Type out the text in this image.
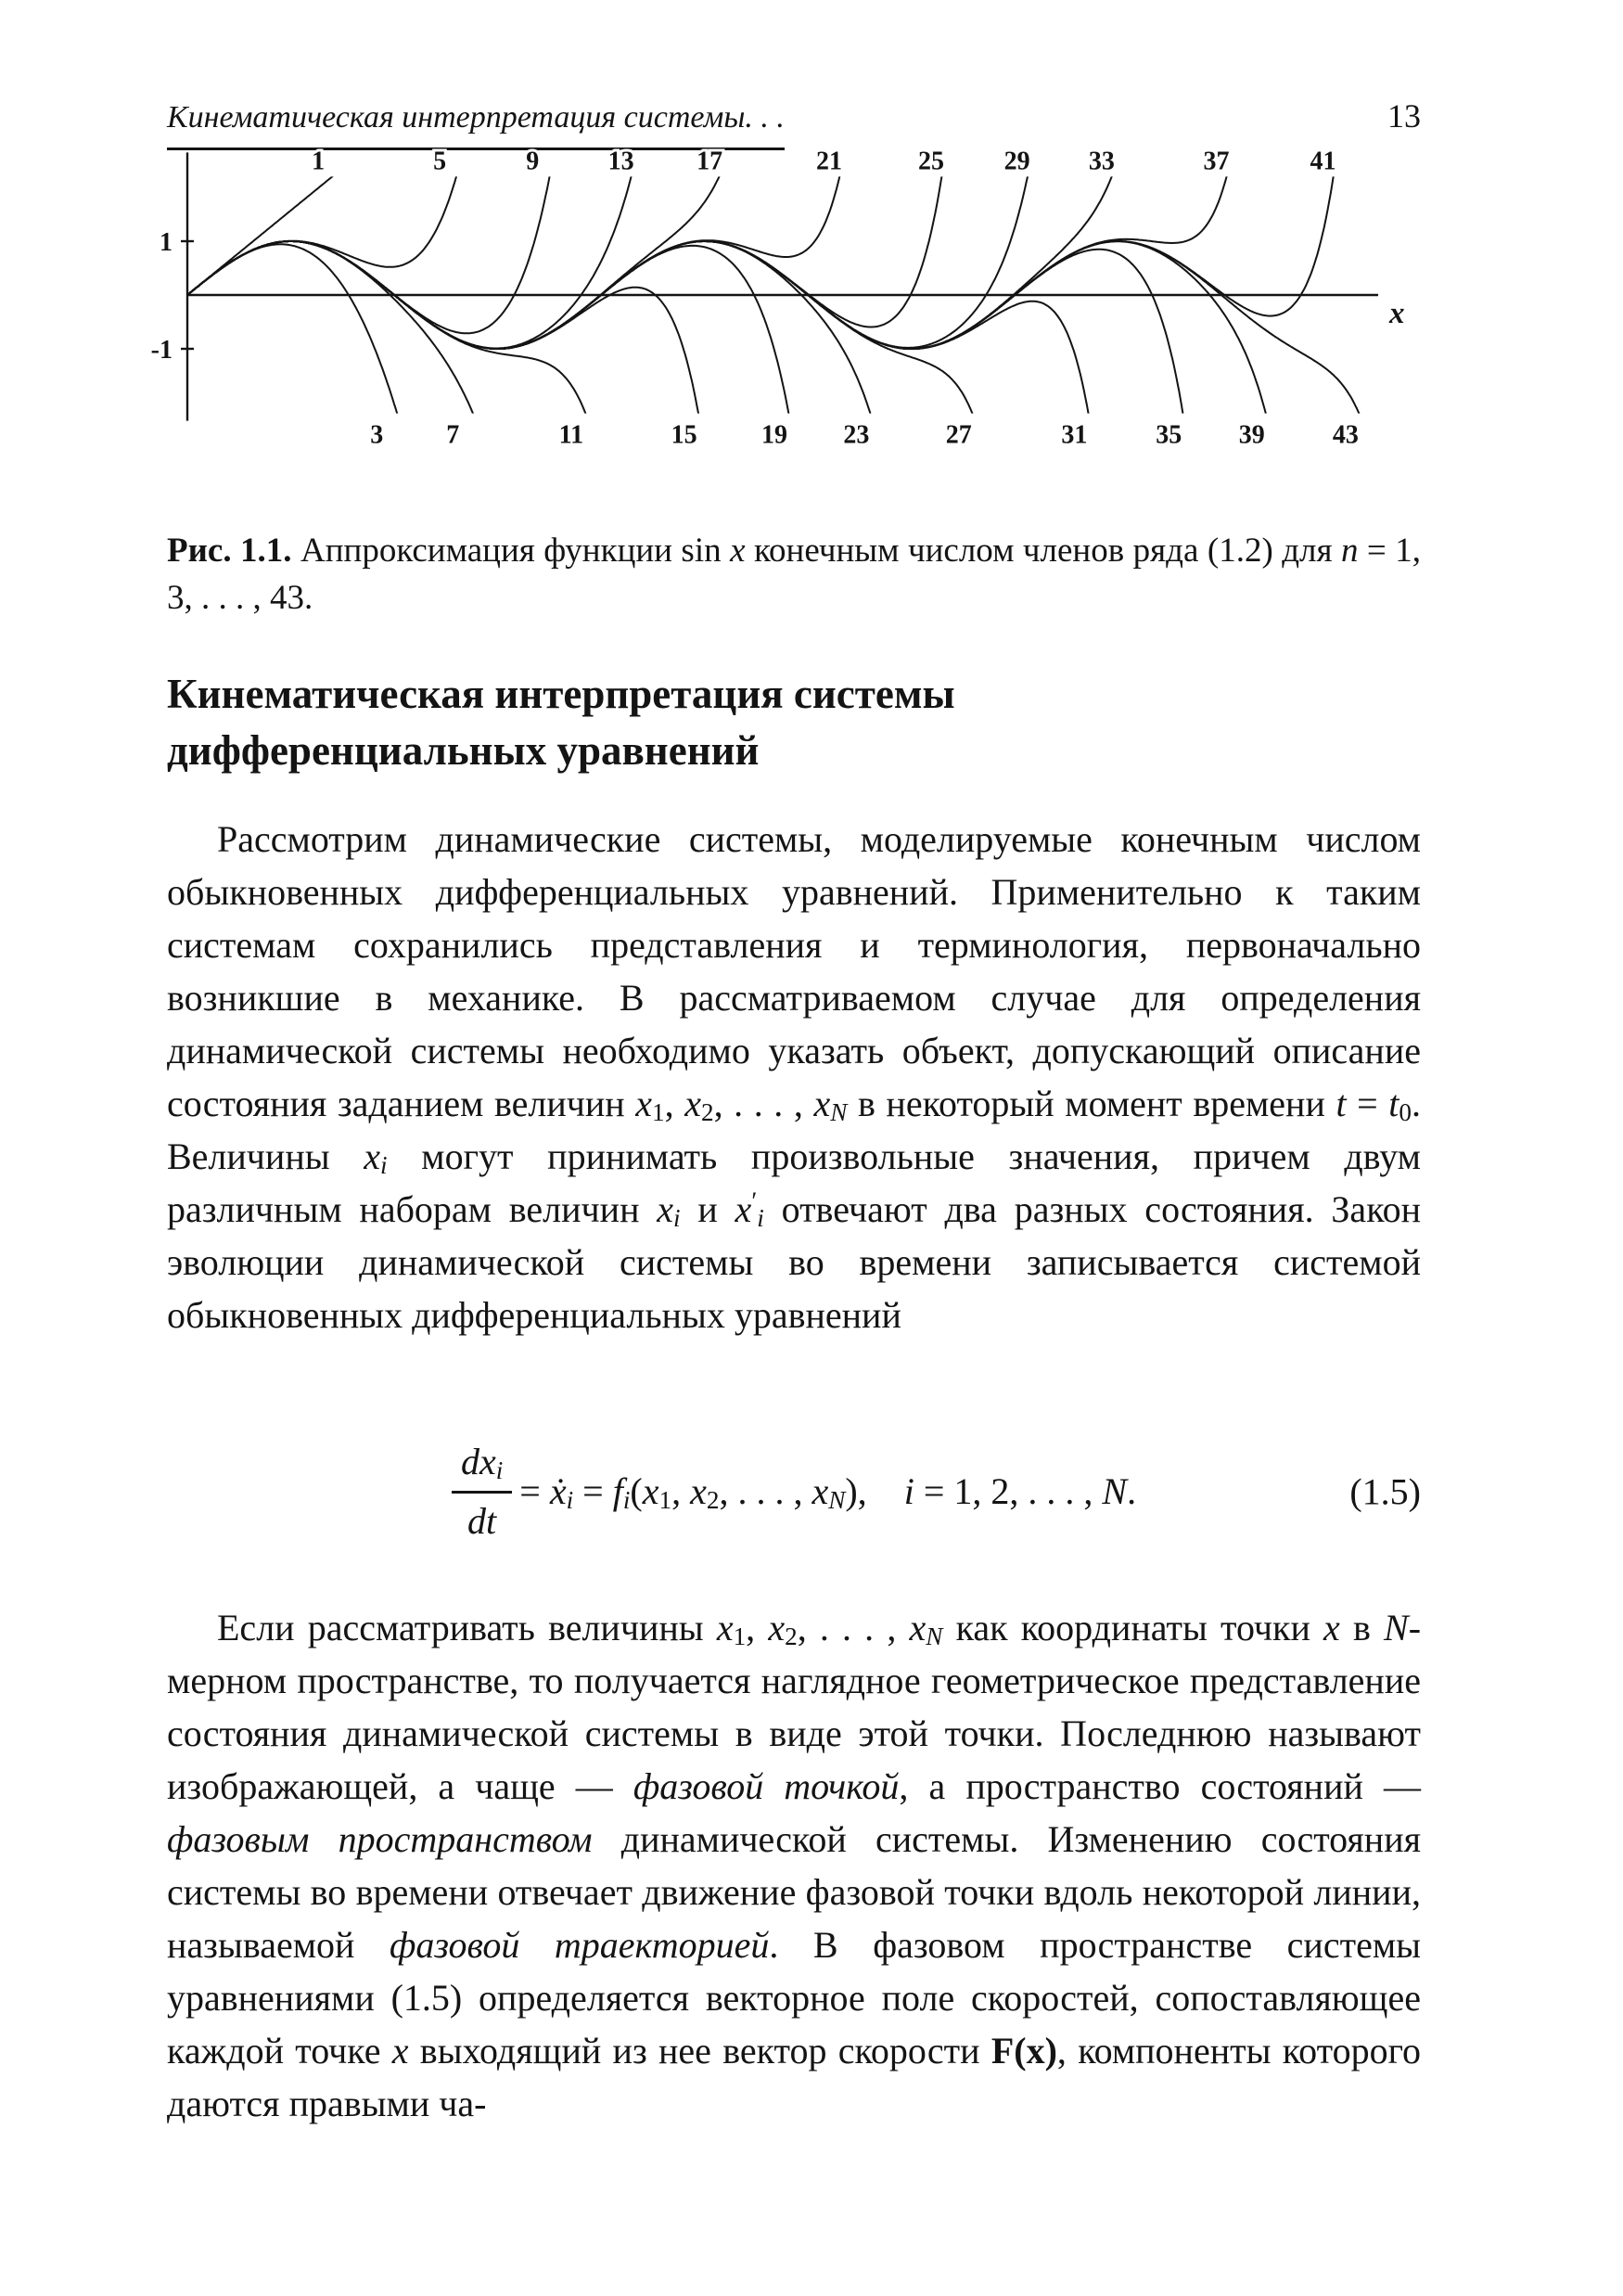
Кинематическая интерпретация системы. . .	13
1
-1
x
1	5	9	13 17	21	25 29 33	37	41
3 7	11	15 19 23	27	31	35 39	43
Рис. 1.1. Аппроксимация функции sin x конечным числом членов ряда (1.2) для n = 1, 3, . . . , 43.
Кинематическая интерпретация системы
дифференциальных уравнений

Рассмотрим динамические системы, моделируемые конечным числом обыкновенных дифференциальных уравнений. Применительно к таким системам сохранились представления и терминология, первоначально возникшие в механике. В рассматриваемом случае для определения динамической системы необходимо указать объект, допускающий описание состояния заданием величин x1, x2, . . . , xN в некоторый момент времени t = t0. Величины xi могут принимать произвольные значения, причем двум различным наборам величин xi и x′i отвечают два разных состояния. Закон эволюции динамической системы во времени записывается системой обыкновенных дифференциальных уравнений

$\frac{\text{dxi}}{dt}$ = ẋi = fi(x1, x2, . . . , xN),  i = 1, 2, . . . , N.	(1.5)

Если рассматривать величины x1, x2, . . . , xN как координаты точки x в N-мерном пространстве, то получается наглядное геометрическое представление состояния динамической системы в виде этой точки. Последнюю называют изображающей, а чаще — фазовой точкой, а пространство состояний — фазовым пространством динамической системы. Изменению состояния системы во времени отвечает движение фазовой точки вдоль некоторой линии, называемой фазовой траекторией. В фазовом пространстве системы уравнениями (1.5) определяется векторное поле скоростей, сопоставляющее каждой точке x выходящий из нее вектор скорости F(x), компоненты которого даются правыми ча-
